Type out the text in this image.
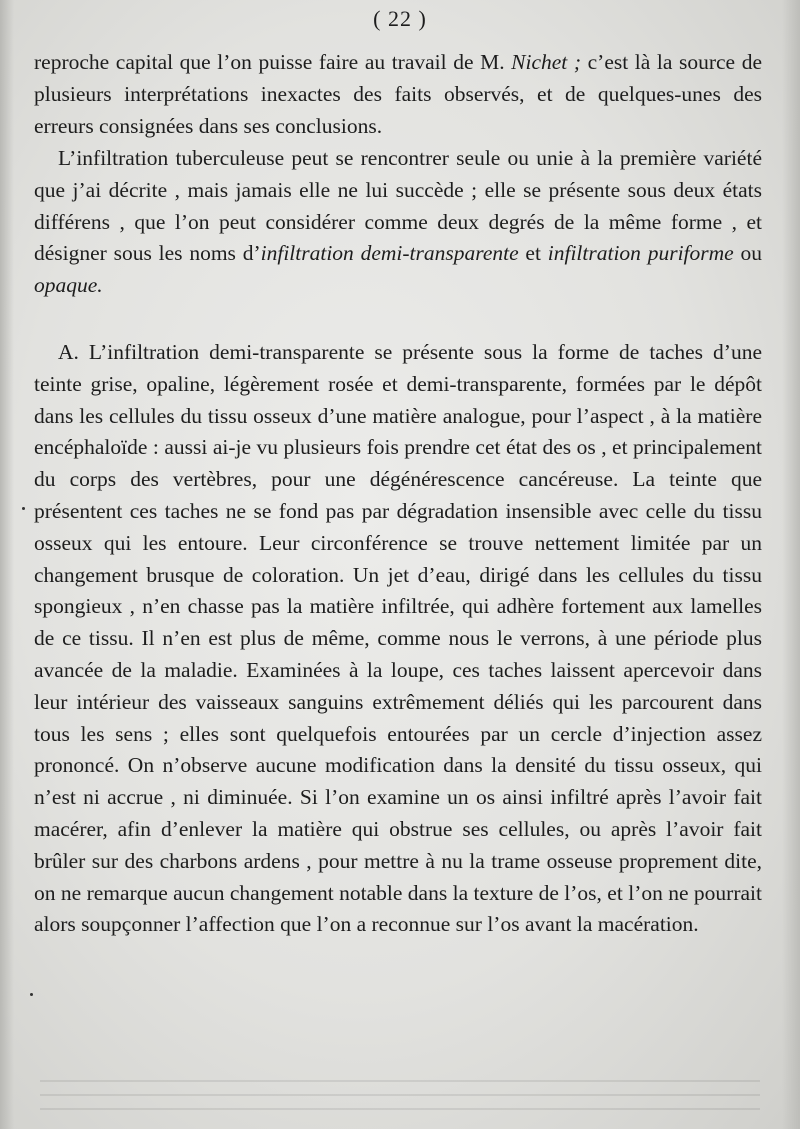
( 22 )

reproche capital que l’on puisse faire au travail de M. Nichet ; c’est là la source de plusieurs interprétations inexactes des faits observés, et de quelques-unes des erreurs consignées dans ses conclusions.

L’infiltration tuberculeuse peut se rencontrer seule ou unie à la première variété que j’ai décrite , mais jamais elle ne lui succède ; elle se présente sous deux états différens , que l’on peut considérer comme deux degrés de la même forme , et désigner sous les noms d’infiltration demi-transparente et infiltration puriforme ou opaque.

A. L’infiltration demi-transparente se présente sous la forme de taches d’une teinte grise, opaline, légèrement rosée et demi-transparente, formées par le dépôt dans les cellules du tissu osseux d’une matière analogue, pour l’aspect , à la matière encéphaloïde : aussi ai-je vu plusieurs fois prendre cet état des os , et principalement du corps des vertèbres, pour une dégénérescence cancéreuse. La teinte que présentent ces taches ne se fond pas par dégradation insensible avec celle du tissu osseux qui les entoure. Leur circonférence se trouve nettement limitée par un changement brusque de coloration. Un jet d’eau, dirigé dans les cellules du tissu spongieux , n’en chasse pas la matière infiltrée, qui adhère fortement aux lamelles de ce tissu. Il n’en est plus de même, comme nous le verrons, à une période plus avancée de la maladie. Examinées à la loupe, ces taches laissent apercevoir dans leur intérieur des vaisseaux sanguins extrêmement déliés qui les parcourent dans tous les sens ; elles sont quelquefois entourées par un cercle d’injection assez prononcé. On n’observe aucune modification dans la densité du tissu osseux, qui n’est ni accrue , ni diminuée. Si l’on examine un os ainsi infiltré après l’avoir fait macérer, afin d’enlever la matière qui obstrue ses cellules, ou après l’avoir fait brûler sur des charbons ardens , pour mettre à nu la trame osseuse proprement dite, on ne remarque aucun changement notable dans la texture de l’os, et l’on ne pourrait alors soupçonner l’affection que l’on a reconnue sur l’os avant la macération.
